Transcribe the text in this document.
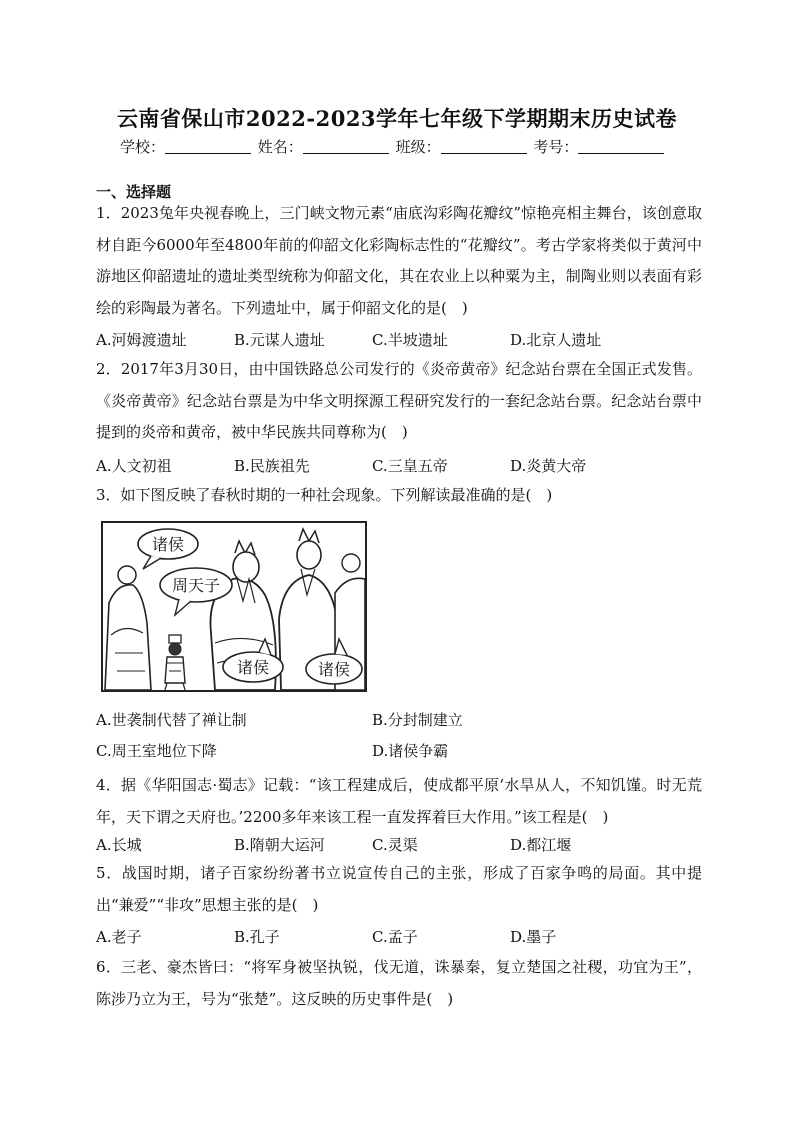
云南省保山市2022-2023学年七年级下学期期末历史试卷
学校：	姓名：	班级：	考号：
一、选择题
1．2023兔年央视春晚上，三门峡文物元素“庙底沟彩陶花瓣纹”惊艳亮相主舞台，该创意取材自距今6000年至4800年前的仰韶文化彩陶标志性的“花瓣纹”。考古学家将类似于黄河中游地区仰韶遗址的遗址类型统称为仰韶文化，其在农业上以种粟为主，制陶业则以表面有彩绘的彩陶最为著名。下列遗址中，属于仰韶文化的是(　)
A.河姆渡遗址	B.元谋人遗址	C.半坡遗址	D.北京人遗址
2．2017年3月30日，由中国铁路总公司发行的《炎帝黄帝》纪念站台票在全国正式发售。《炎帝黄帝》纪念站台票是为中华文明探源工程研究发行的一套纪念站台票。纪念站台票中提到的炎帝和黄帝，被中华民族共同尊称为(　)
A.人文初祖	B.民族祖先	C.三皇五帝	D.炎黄大帝
3．如下图反映了春秋时期的一种社会现象。下列解读最准确的是(　)
诸侯
周天子
诸侯	诸侯
A.世袭制代替了禅让制	B.分封制建立
C.周王室地位下降	D.诸侯争霸
4．据《华阳国志·蜀志》记载：“该工程建成后，使成都平原‘水旱从人，不知饥馑。时无荒年，天下谓之天府也。’2200多年来该工程一直发挥着巨大作用。”该工程是(　)
A.长城	B.隋朝大运河	C.灵渠	D.都江堰
5．战国时期，诸子百家纷纷著书立说宣传自己的主张，形成了百家争鸣的局面。其中提出“兼爱”“非攻”思想主张的是(　)
A.老子	B.孔子	C.孟子	D.墨子
6．三老、豪杰皆曰：“将军身被坚执锐，伐无道，诛暴秦，复立楚国之社稷，功宜为王”，陈涉乃立为王，号为“张楚”。这反映的历史事件是(　)
